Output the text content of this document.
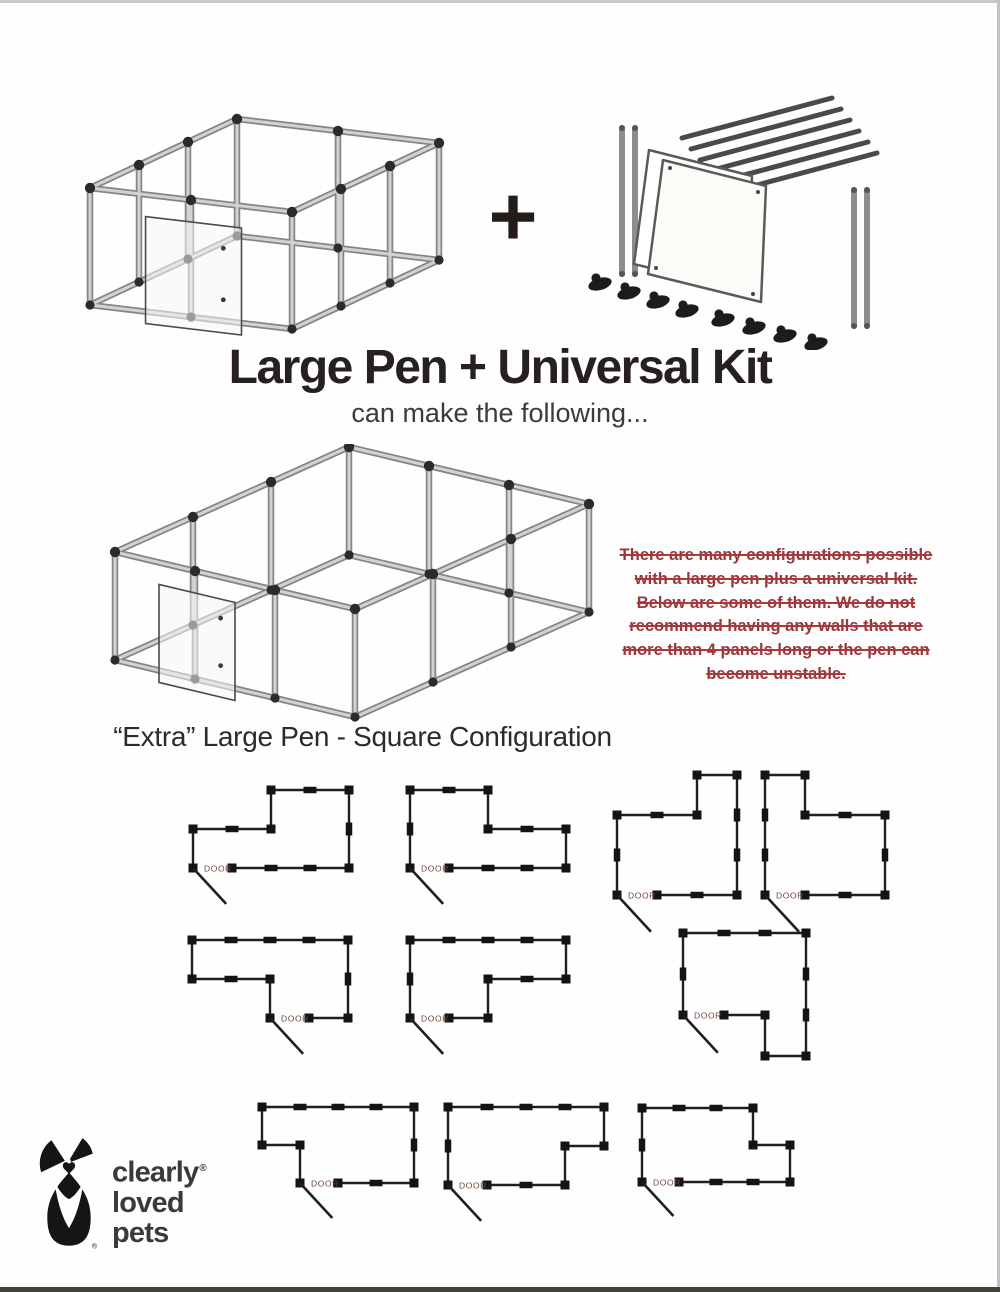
+
Large Pen + Universal Kit
can make the following...
There are many configurations possible
with a large pen plus a universal kit.
Below are some of them. We do not
recommend having any walls that are
more than 4 panels long or the pen can
become unstable.
“Extra” Large Pen - Square Configuration
DOOR	DOOR
DOOR	DOOR
DOOR	DOOR	DOOR
DOOR	DOOR	DOOR
®
clearly®
loved
pets
